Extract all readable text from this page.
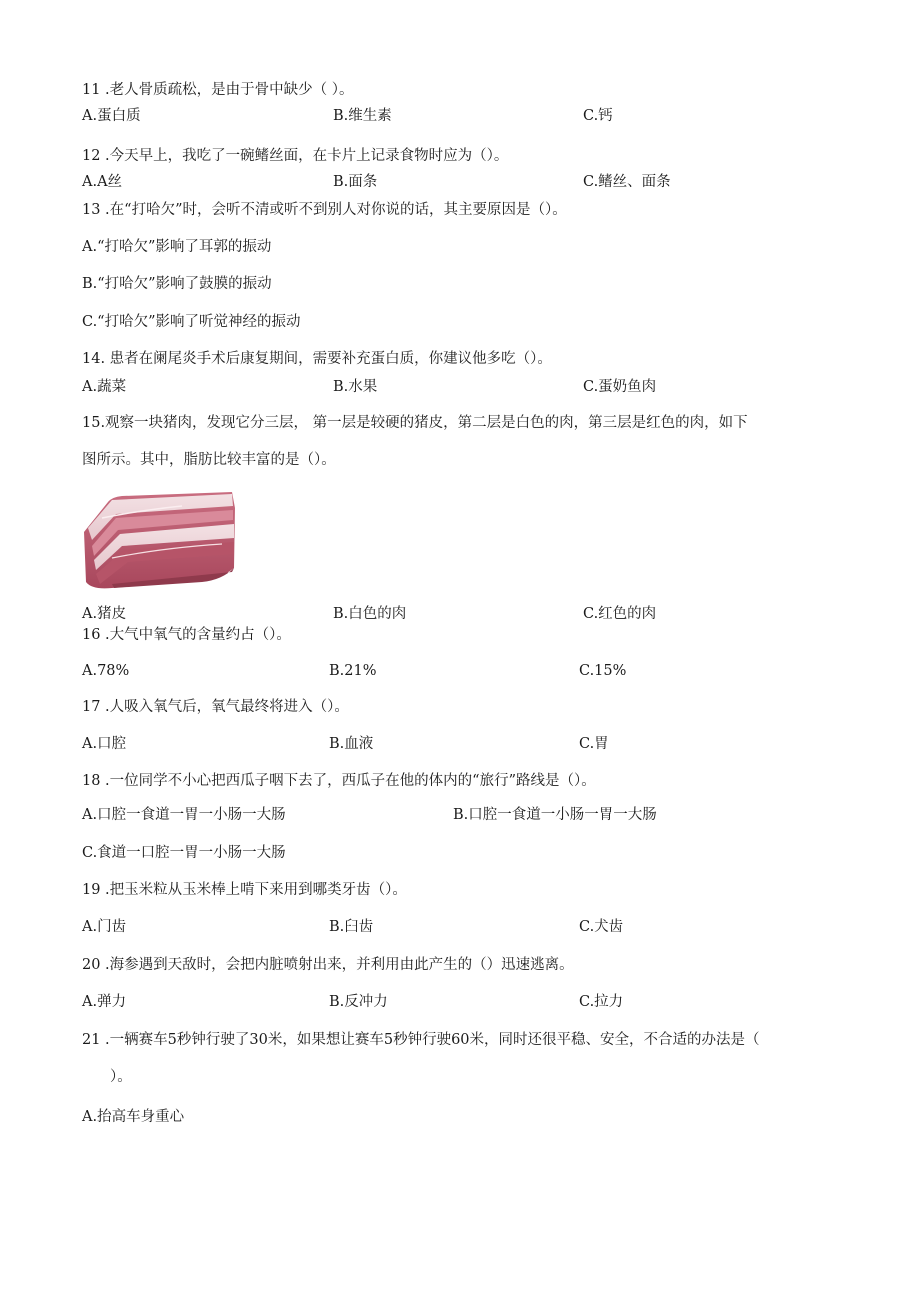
11 .老人骨质疏松，是由于骨中缺少（ ）。
A.蛋白质	B.维生素	C.钙
12 .今天早上，我吃了一碗鳍丝面，在卡片上记录食物时应为（）。
A.A丝	B.面条	C.鳍丝、面条
13 .在“打哈欠”时，会听不清或听不到别人对你说的话，其主要原因是（）。
A.“打哈欠”影响了耳郭的振动
B.“打哈欠”影响了鼓膜的振动
C.“打哈欠”影响了听觉神经的振动
14. 患者在阑尾炎手术后康复期间，需要补充蛋白质，你建议他多吃（）。
A.蔬菜	B.水果	C.蛋奶鱼肉
15.观察一块猪肉，发现它分三层， 第一层是较硬的猪皮，第二层是白色的肉，第三层是红色的肉，如下
图所示。其中，脂肪比较丰富的是（）。
A.猪皮	B.白色的肉	C.红色的肉
16 .大气中氧气的含量约占（）。
A.78%	B.21%	C.15%
17 .人吸入氧气后，氧气最终将进入（）。
A.口腔	B.血液	C.胃
18 .一位同学不小心把西瓜子咽下去了，西瓜子在他的体内的“旅行”路线是（）。
A.口腔一食道一胃一小肠一大肠	B.口腔一食道一小肠一胃一大肠
C.食道一口腔一胃一小肠一大肠
19 .把玉米粒从玉米棒上啃下来用到哪类牙齿（）。
A.门齿	B.臼齿	C.犬齿
20 .海参遇到天敌时，会把内脏喷射出来，并利用由此产生的（）迅速逃离。
A.弹力	B.反冲力	C.拉力
21 .一辆赛车5秒钟行驶了30米，如果想让赛车5秒钟行驶60米，同时还很平稳、安全，不合适的办法是（
）。
A.抬高车身重心
